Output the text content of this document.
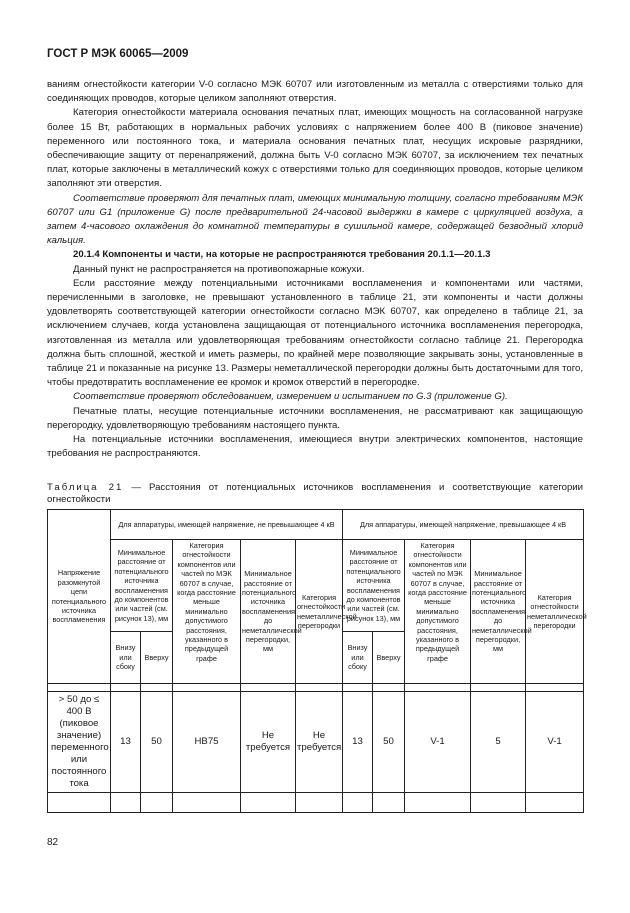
ГОСТ Р МЭК 60065—2009

ваниям огнестойкости категории V-0 согласно МЭК 60707 или изготовленным из металла с отверстиями только для соединяющих проводов, которые целиком заполняют отверстия.

Категория огнестойкости материала основания печатных плат, имеющих мощность на согласованной нагрузке более 15 Вт, работающих в нормальных рабочих условиях с напряжением более 400 В (пиковое значение) переменного или постоянного тока, и материала основания печатных плат, несущих искровые разрядники, обеспечивающие защиту от перенапряжений, должна быть V-0 согласно МЭК 60707, за исключением тех печатных плат, которые заключены в металлический кожух с отверстиями только для соединяющих проводов, которые целиком заполняют эти отверстия.

Соответствие проверяют для печатных плат, имеющих минимальную толщину, согласно требованиям МЭК 60707 или G1 (приложение G) после предварительной 24-часовой выдержки в камере с циркуляцией воздуха, а затем 4-часового охлаждения до комнатной температуры в сушильной камере, содержащей безводный хлорид кальция.

20.1.4 Компоненты и части, на которые не распространяются требования 20.1.1—20.1.3

Данный пункт не распространяется на противопожарные кожухи.

Если расстояние между потенциальными источниками воспламенения и компонентами или частями, перечисленными в заголовке, не превышают установленного в таблице 21, эти компоненты и части должны удовлетворять соответствующей категории огнестойкости согласно МЭК 60707, как определено в таблице 21, за исключением случаев, когда установлена защищающая от потенциального источника воспламенения перегородка, изготовленная из металла или удовлетворяющая требованиям огнестойкости согласно таблице 21. Перегородка должна быть сплошной, жесткой и иметь размеры, по крайней мере позволяющие закрывать зоны, установленные в таблице 21 и показанные на рисунке 13. Размеры неметаллической перегородки должны быть достаточными для того, чтобы предотвратить воспламенение ее кромок и кромок отверстий в перегородке.

Соответствие проверяют обследованием, измерением и испытанием по G.3 (приложение G).

Печатные платы, несущие потенциальные источники воспламенения, не рассматривают как защищающую перегородку, удовлетворяющую требованиям настоящего пункта.

На потенциальные источники воспламенения, имеющиеся внутри электрических компонентов, настоящие требования не распространяются.

Таблица 21 — Расстояния от потенциальных источников воспламенения и соответствующие категории огнестойкости
Напряжение разомкнутой цепи потенциального источника воспламенения	Для аппаратуры, имеющей напряжение, не превышающее 4 кВ					Для аппаратуры, имеющей напряжение, превышающее 4 кВ				
	Минимальное расстояние от потенциального источника воспламенения до компонентов или частей (см. рисунок 13), мм		Категория огнестойкости компонентов или частей по МЭК 60707 в случае, когда расстояние меньше минимально допустимого расстояния, указанного в предыдущей графе	Минимальное расстояние от потенциального источника воспламенения до неметаллической перегородки, мм	Категория огнестойкости неметаллической перегородки	Минимальное расстояние от потенциального источника воспламенения до компонентов или частей (см. рисунок 13), мм		Категория огнестойкости компонентов или частей по МЭК 60707 в случае, когда расстояние меньше минимально допустимого расстояния, указанного в предыдущей графе	Минимальное расстояние от потенциального источника воспламенения до неметаллической перегородки, мм	Категория огнестойкости неметаллической перегородки
	Внизу или сбоку	Вверху				Внизу или сбоку	Вверху			

> 50 до ≤ 400 В (пиковое значение) переменного или постоянного тока	13	50	HB75	Не требуется	Не требуется	13	50	V-1	5	V-1

82
